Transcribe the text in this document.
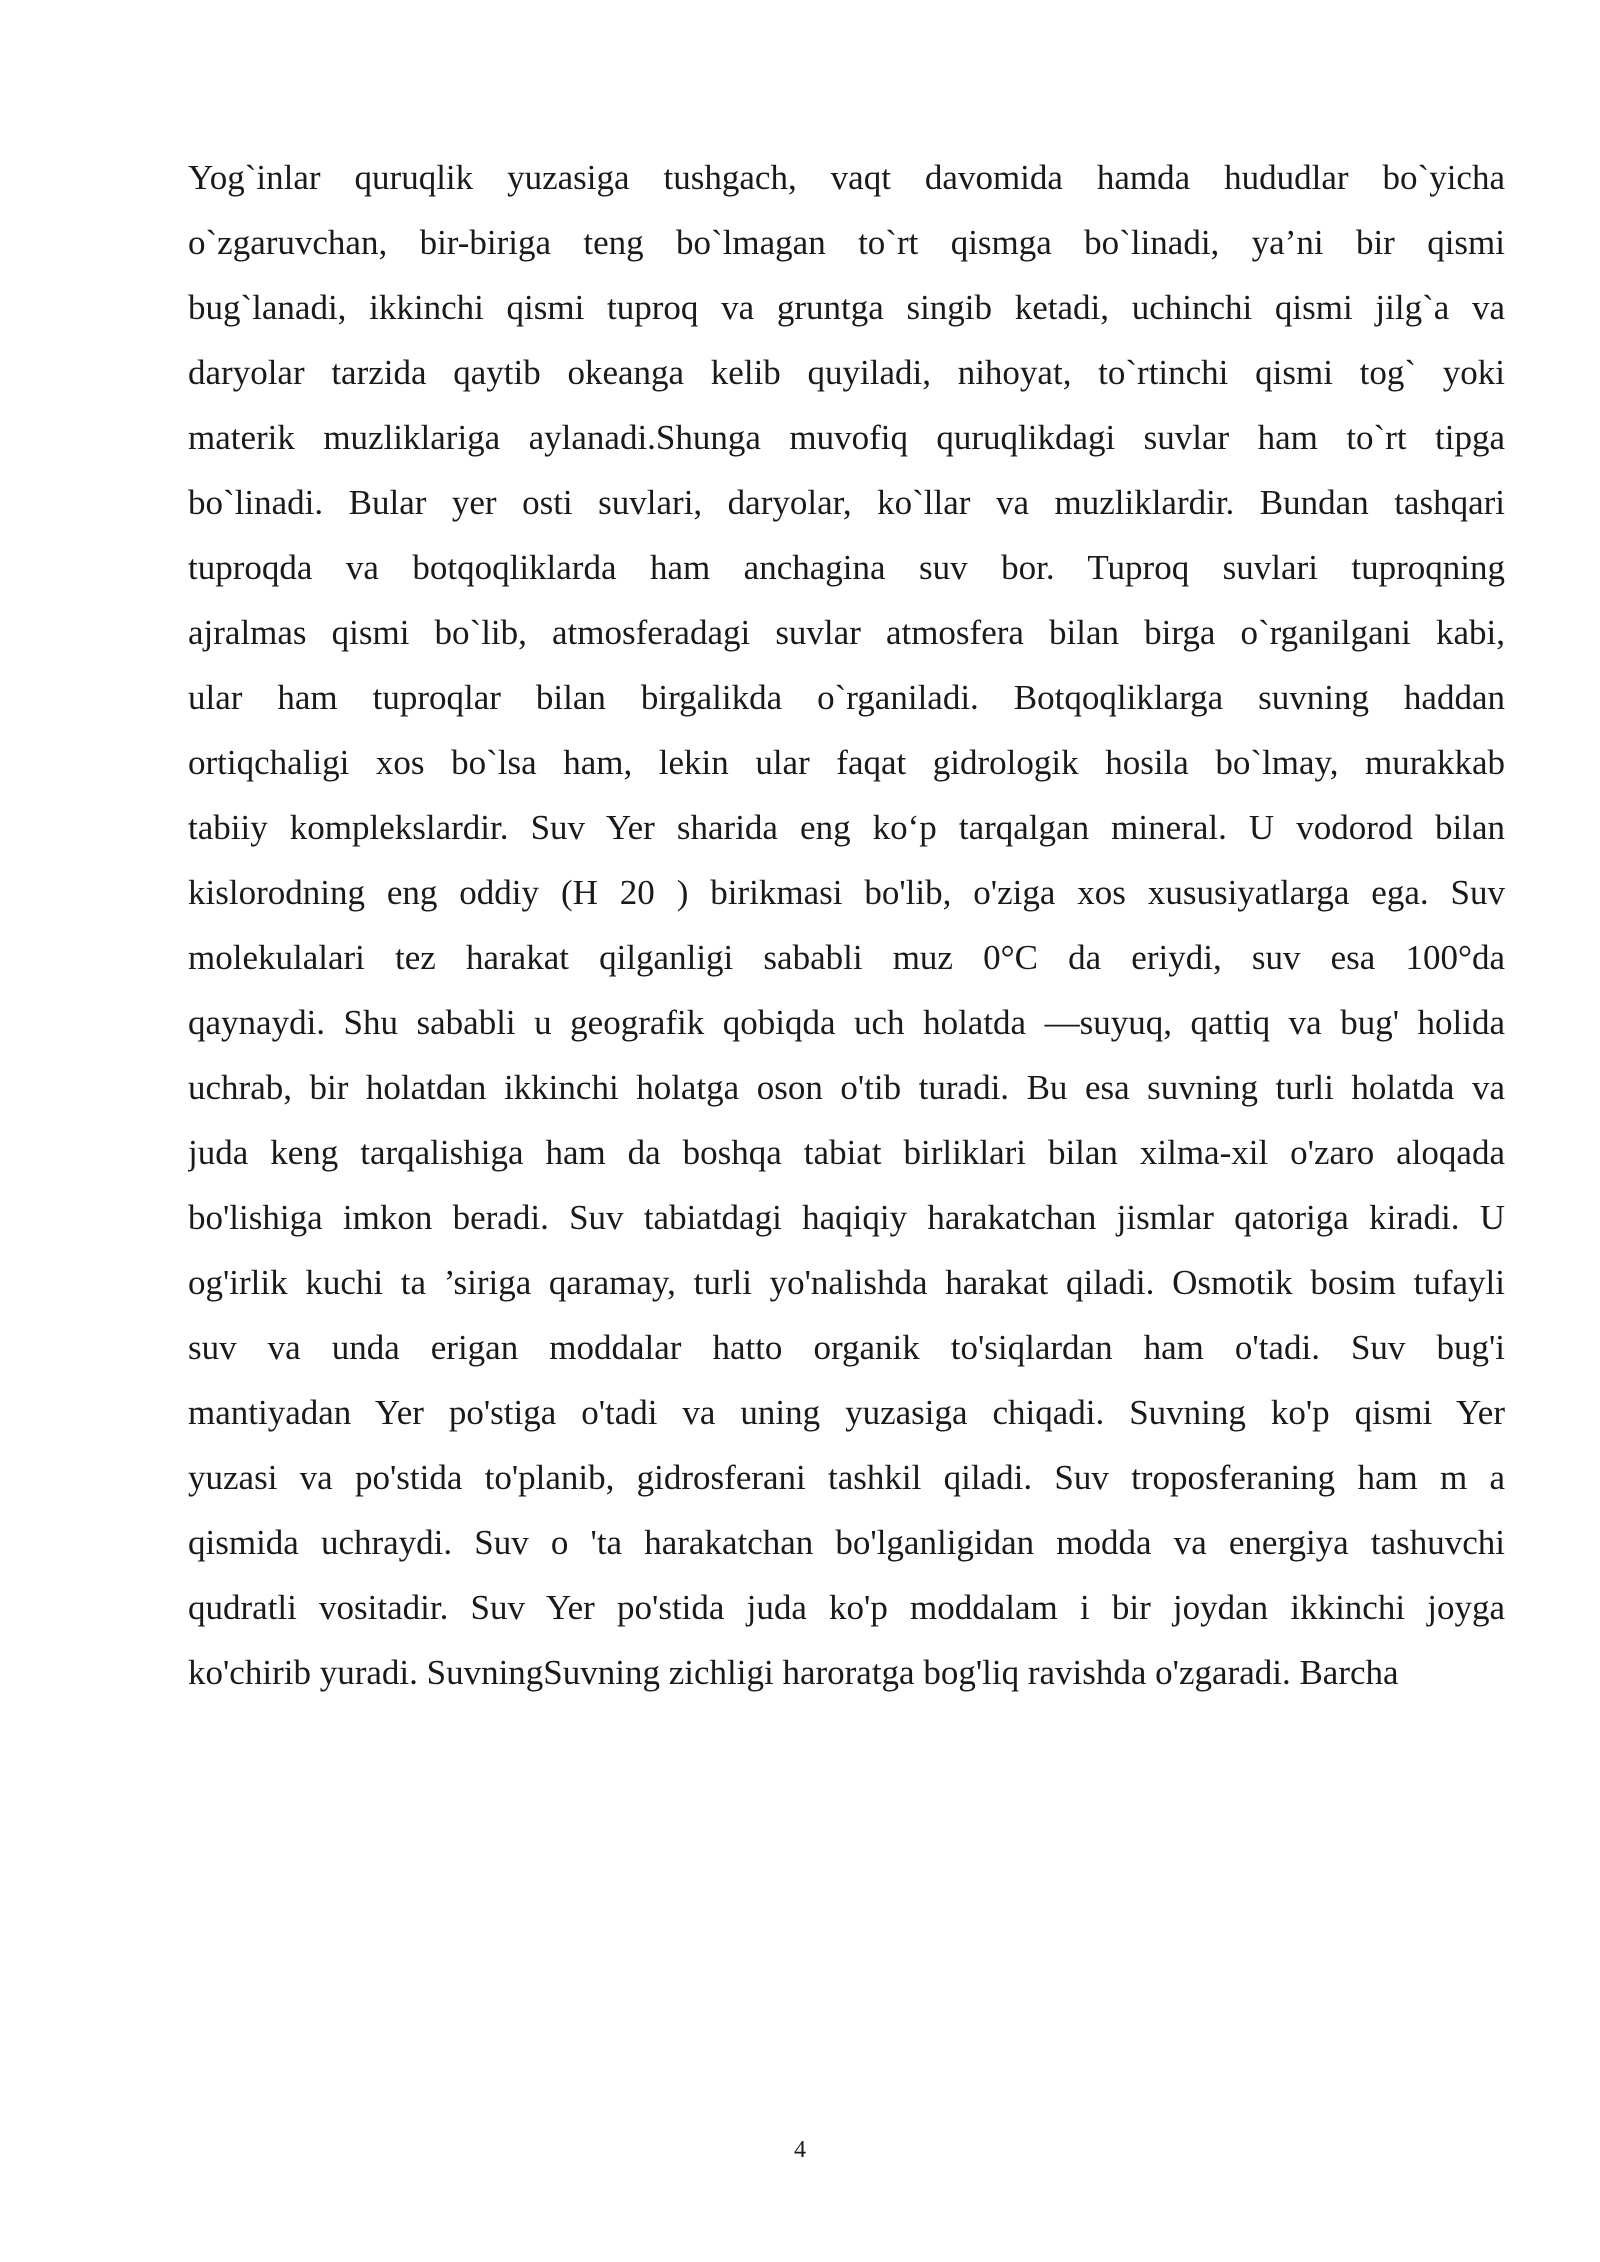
Yog`inlar quruqlik yuzasiga tushgach, vaqt davomida hamda hududlar bo`yicha
o`zgaruvchan, bir-biriga teng bo`lmagan to`rt qismga bo`linadi, ya’ni bir qismi
bug`lanadi, ikkinchi qismi tuproq va gruntga singib ketadi, uchinchi qismi jilg`a va
daryolar tarzida qaytib okeanga kelib quyiladi, nihoyat, to`rtinchi qismi tog` yoki
materik muzliklariga aylanadi.Shunga muvofiq quruqlikdagi suvlar ham to`rt tipga
bo`linadi. Bular yer osti suvlari, daryolar, ko`llar va muzliklardir. Bundan tashqari
tuproqda va botqoqliklarda ham anchagina suv bor. Tuproq suvlari tuproqning
ajralmas qismi bo`lib, atmosferadagi suvlar atmosfera bilan birga o`rganilgani kabi,
ular ham tuproqlar bilan birgalikda o`rganiladi. Botqoqliklarga suvning haddan
ortiqchaligi xos bo`lsa ham, lekin ular faqat gidrologik hosila bo`lmay, murakkab
tabiiy komplekslardir. Suv Yer sharida eng ko‘p tarqalgan mineral. U vodorod bilan
kislorodning eng oddiy (H 20 ) birikmasi bo'lib, o'ziga xos xususiyatlarga ega. Suv
molekulalari tez harakat qilganligi sababli muz 0°C da eriydi, suv esa 100°da
qaynaydi. Shu sababli u geografik qobiqda uch holatda —suyuq, qattiq va bug' holida
uchrab, bir holatdan ikkinchi holatga oson o'tib turadi. Bu esa suvning turli holatda va
juda keng tarqalishiga ham da boshqa tabiat birliklari bilan xilma-xil o'zaro aloqada
bo'lishiga imkon beradi. Suv tabiatdagi haqiqiy harakatchan jismlar qatoriga kiradi. U
og'irlik kuchi ta ’siriga qaramay, turli yo'nalishda harakat qiladi. Osmotik bosim tufayli
suv va unda erigan moddalar hatto organik to'siqlardan ham o'tadi. Suv bug'i
mantiyadan Yer po'stiga o'tadi va uning yuzasiga chiqadi. Suvning ko'p qismi Yer
yuzasi va po'stida to'planib, gidrosferani tashkil qiladi. Suv troposferaning ham m a
qismida uchraydi. Suv o 'ta harakatchan bo'lganligidan modda va energiya tashuvchi
qudratli vositadir. Suv Yer po'stida juda ko'p moddalam i bir joydan ikkinchi joyga
ko'chirib yuradi. SuvningSuvning zichligi haroratga bog'liq ravishda o'zgaradi. Barcha
4
